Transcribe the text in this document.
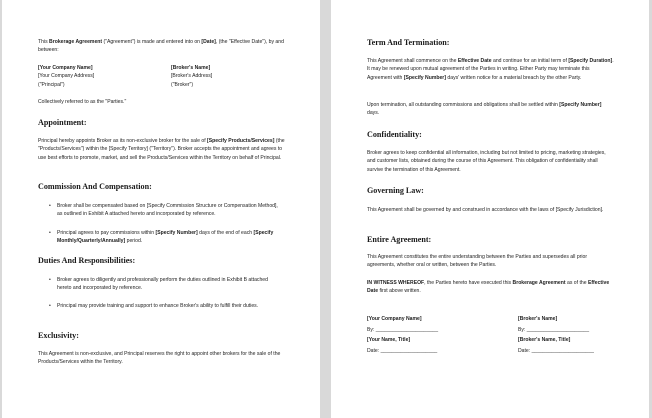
This Brokerage Agreement ("Agreement") is made and entered into on [Date], (the "Effective Date"), by and between:

[Your Company Name]
[Your Company Address]
("Principal")
[Broker's Name]
[Broker's Address]
("Broker")

Collectively referred to as the "Parties."

Appointment:

Principal hereby appoints Broker as its non-exclusive broker for the sale of [Specify Products/Services] (the "Products/Services") within the [Specify Territory] ("Territory"). Broker accepts the appointment and agrees to use best efforts to promote, market, and sell the Products/Services within the Territory on behalf of Principal.

Commission And Compensation:

• Broker shall be compensated based on [Specify Commission Structure or Compensation Method], as outlined in Exhibit A attached hereto and incorporated by reference.

• Principal agrees to pay commissions within [Specify Number] days of the end of each [Specify Monthly/Quarterly/Annually] period.

Duties And Responsibilities:

• Broker agrees to diligently and professionally perform the duties outlined in Exhibit B attached hereto and incorporated by reference.

• Principal may provide training and support to enhance Broker's ability to fulfill their duties.

Exclusivity:

This Agreement is non-exclusive, and Principal reserves the right to appoint other brokers for the sale of the Products/Services within the Territory.

Term And Termination:

This Agreement shall commence on the Effective Date and continue for an initial term of [Specify Duration]. It may be renewed upon mutual agreement of the Parties in writing. Either Party may terminate this Agreement with [Specify Number] days' written notice for a material breach by the other Party.

Upon termination, all outstanding commissions and obligations shall be settled within [Specify Number] days.

Confidentiality:

Broker agrees to keep confidential all information, including but not limited to pricing, marketing strategies, and customer lists, obtained during the course of this Agreement. This obligation of confidentiality shall survive the termination of this Agreement.

Governing Law:

This Agreement shall be governed by and construed in accordance with the laws of [Specify Jurisdiction].

Entire Agreement:

This Agreement constitutes the entire understanding between the Parties and supersedes all prior agreements, whether oral or written, between the Parties.

IN WITNESS WHEREOF, the Parties hereto have executed this Brokerage Agreement as of the Effective Date first above written.

[Your Company Name]
By: ______________________
[Your Name, Title]
Date: ____________________
[Broker's Name]
By: ______________________
[Broker's Name, Title]
Date: ______________________
